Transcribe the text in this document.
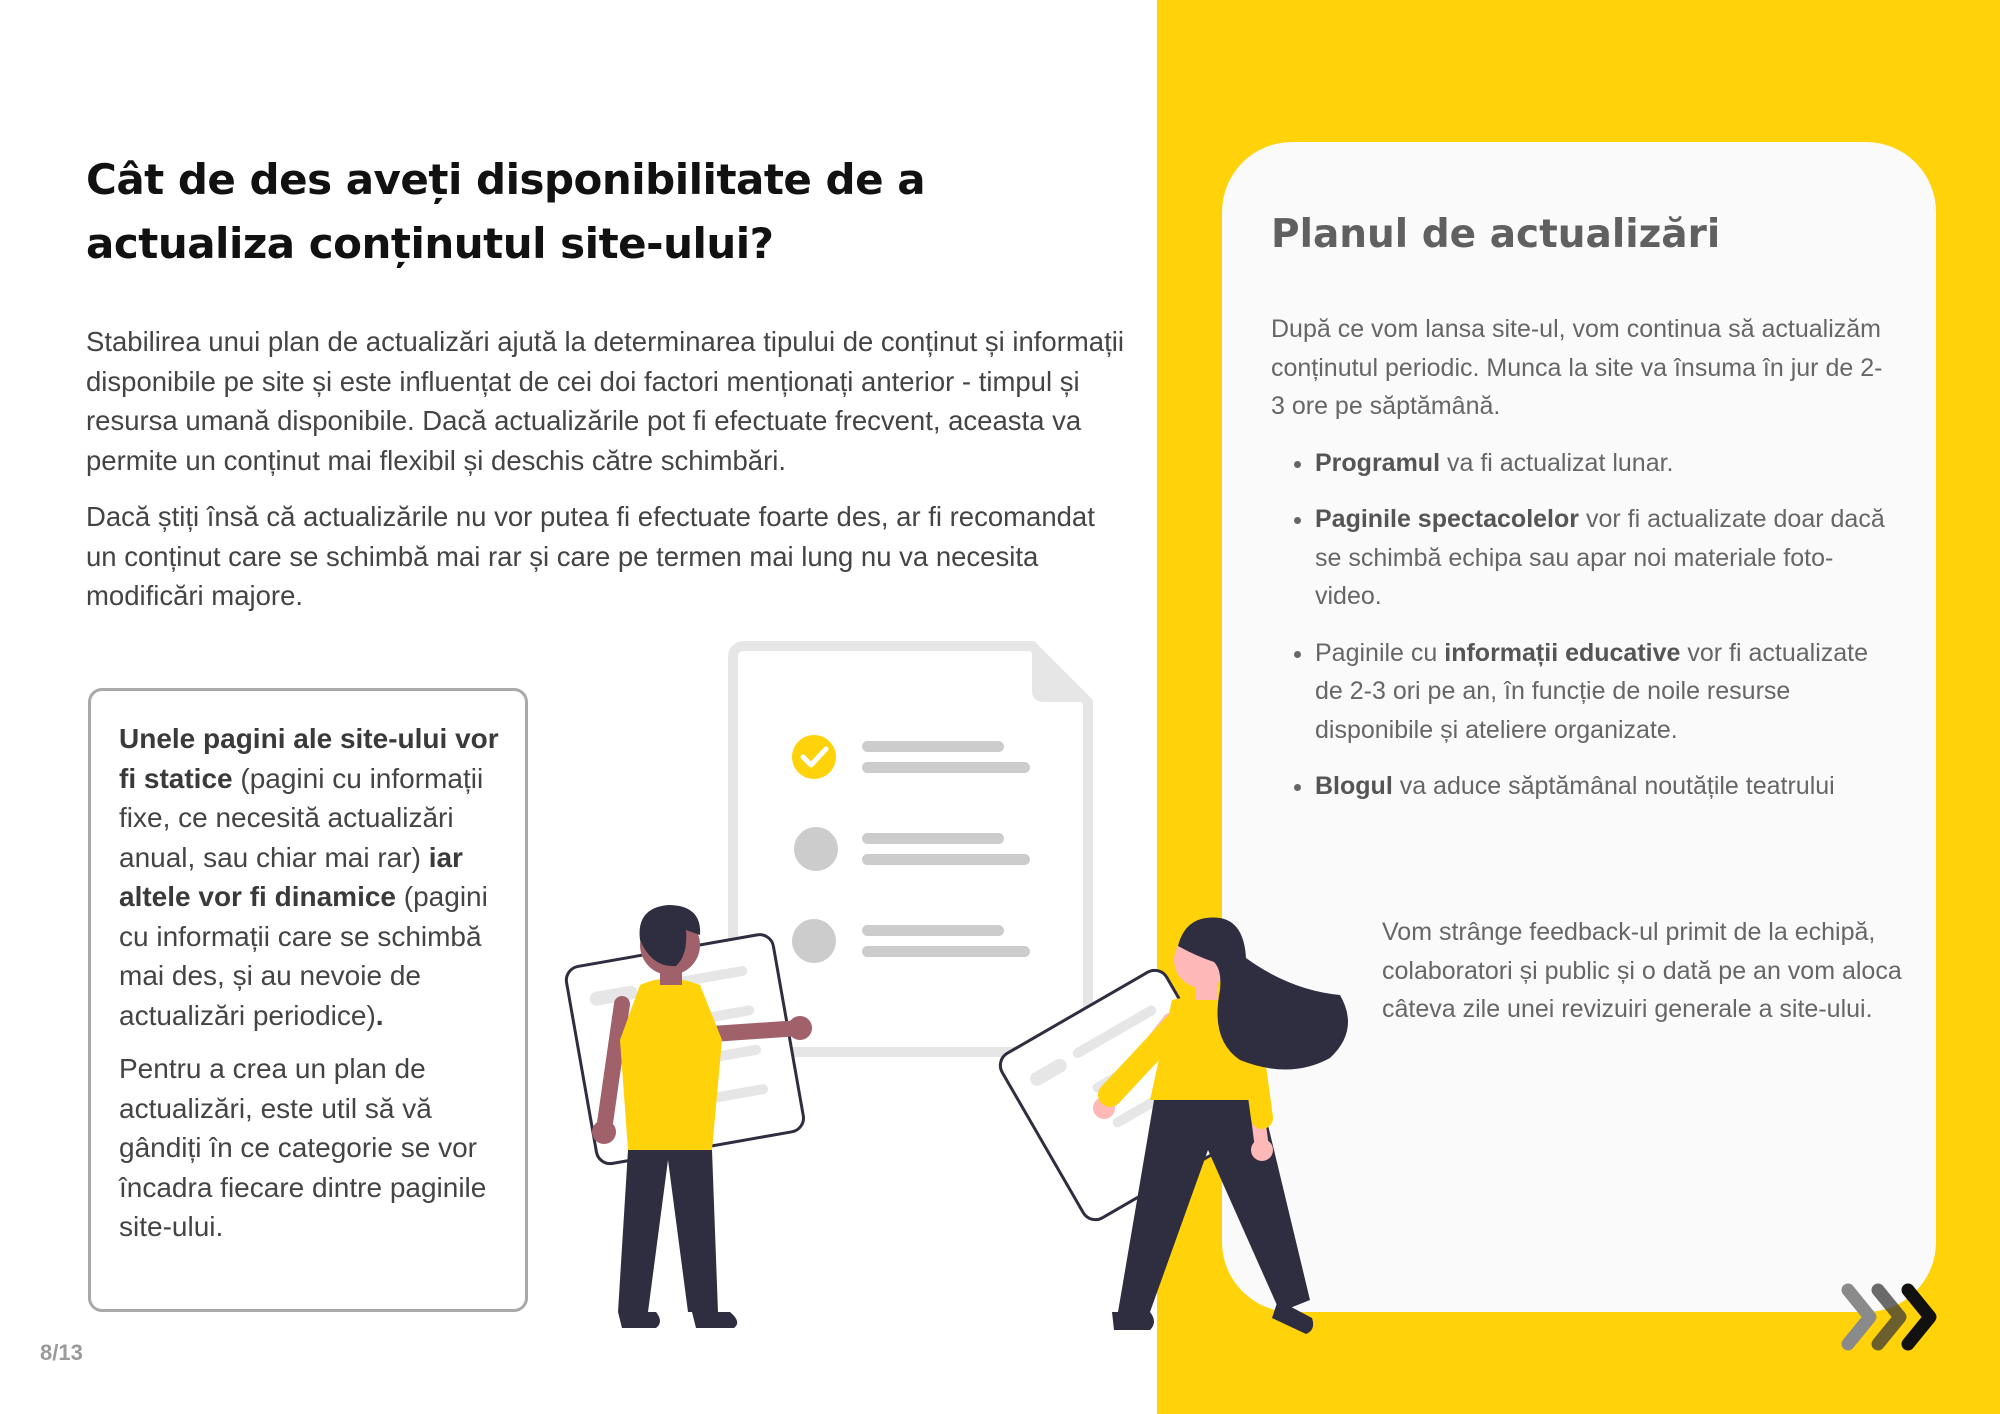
Cât de des aveți disponibilitate de a actualiza conținutul site-ului?

Stabilirea unui plan de actualizări ajută la determinarea tipului de conținut și informații disponibile pe site și este influențat de cei doi factori menționați anterior - timpul și resursa umană disponibile. Dacă actualizările pot fi efectuate frecvent, aceasta va permite un conținut mai flexibil și deschis către schimbări.

Dacă știți însă că actualizările nu vor putea fi efectuate foarte des, ar fi recomandat un conținut care se schimbă mai rar și care pe termen mai lung nu va necesita modificări majore.

Unele pagini ale site-ului vor fi statice (pagini cu informații fixe, ce necesită actualizări anual, sau chiar mai rar) iar altele vor fi dinamice (pagini cu informații care se schimbă mai des, și au nevoie de actualizări periodice).

Pentru a crea un plan de actualizări, este util să vă gândiți în ce categorie se vor încadra fiecare dintre paginile site-ului.

Planul de actualizări

După ce vom lansa site-ul, vom continua să actualizăm conținutul periodic. Munca la site va însuma în jur de 2-3 ore pe săptămână.

• Programul va fi actualizat lunar.
• Paginile spectacolelor vor fi actualizate doar dacă se schimbă echipa sau apar noi materiale foto-video.
• Paginile cu informații educative vor fi actualizate de 2-3 ori pe an, în funcție de noile resurse disponibile și ateliere organizate.
• Blogul va aduce săptămânal noutățile teatrului
Vom strânge feedback-ul primit de la echipă, colaboratori și public și o dată pe an vom aloca câteva zile unei revizuiri generale a site-ului.
8/13
